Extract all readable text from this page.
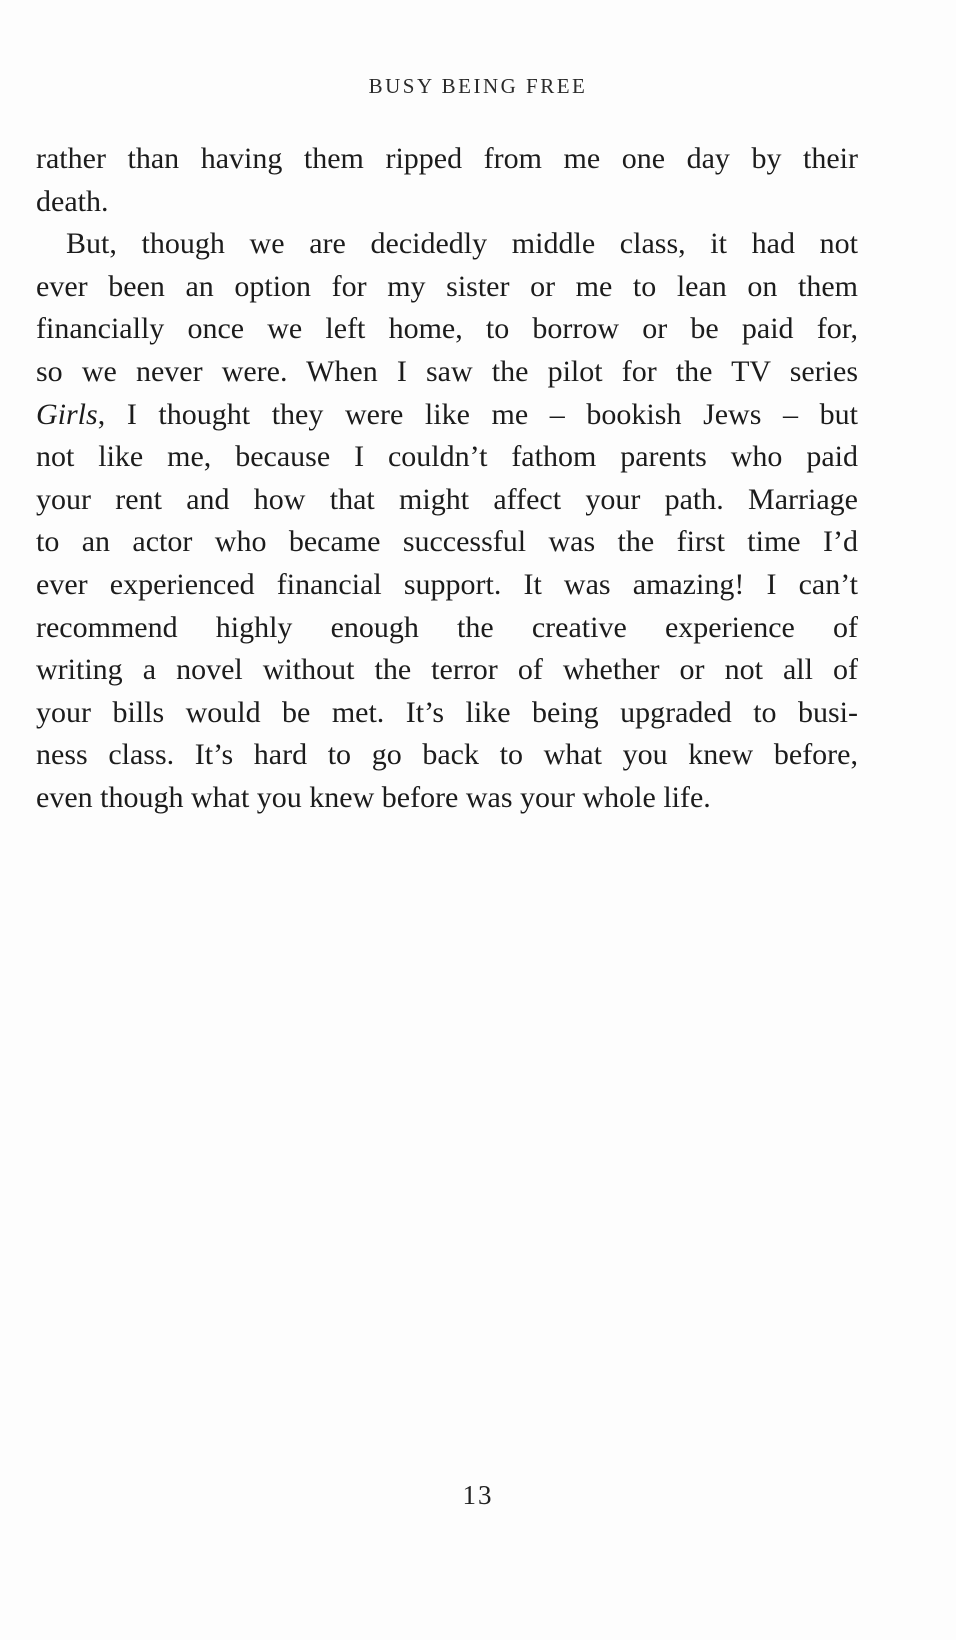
BUSY BEING FREE
rather than having them ripped from me one day by their
death.
But, though we are decidedly middle class, it had not
ever been an option for my sister or me to lean on them
financially once we left home, to borrow or be paid for,
so we never were. When I saw the pilot for the TV series
Girls, I thought they were like me – bookish Jews – but
not like me, because I couldn’t fathom parents who paid
your rent and how that might affect your path. Marriage
to an actor who became successful was the first time I’d
ever experienced financial support. It was amazing! I can’t
recommend highly enough the creative experience of
writing a novel without the terror of whether or not all of
your bills would be met. It’s like being upgraded to busi-
ness class. It’s hard to go back to what you knew before,
even though what you knew before was your whole life.
13
